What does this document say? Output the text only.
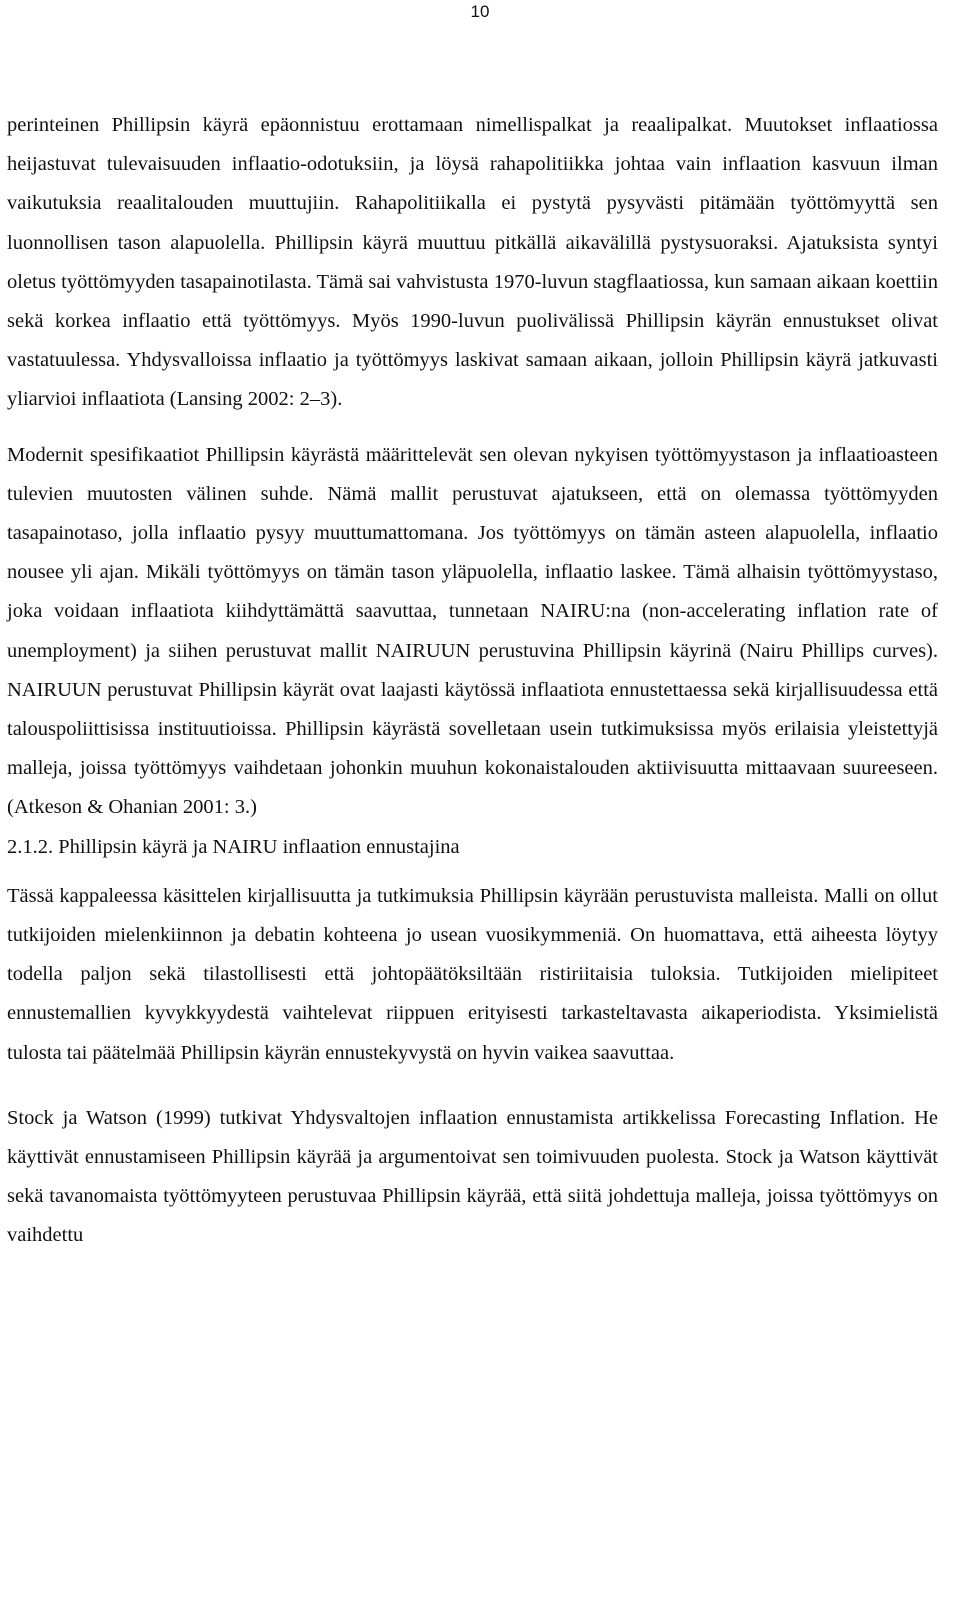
10

perinteinen Phillipsin käyrä epäonnistuu erottamaan nimellispalkat ja reaalipalkat. Muutokset inflaatiossa heijastuvat tulevaisuuden inflaatio-odotuksiin, ja löysä rahapolitiikka johtaa vain inflaation kasvuun ilman vaikutuksia reaalitalouden muuttujiin. Rahapolitiikalla ei pystytä pysyvästi pitämään työttömyyttä sen luonnollisen tason alapuolella. Phillipsin käyrä muuttuu pitkällä aikavälillä pystysuoraksi. Ajatuksista syntyi oletus työttömyyden tasapainotilasta. Tämä sai vahvistusta 1970-luvun stagflaatiossa, kun samaan aikaan koettiin sekä korkea inflaatio että työttömyys. Myös 1990-luvun puolivälissä Phillipsin käyrän ennustukset olivat vastatuulessa. Yhdysvalloissa inflaatio ja työttömyys laskivat samaan aikaan, jolloin Phillipsin käyrä jatkuvasti yliarvioi inflaatiota (Lansing 2002: 2‒3).

Modernit spesifikaatiot Phillipsin käyrästä määrittelevät sen olevan nykyisen työttömyystason ja inflaatioasteen tulevien muutosten välinen suhde. Nämä mallit perustuvat ajatukseen, että on olemassa työttömyyden tasapainotaso, jolla inflaatio pysyy muuttumattomana. Jos työttömyys on tämän asteen alapuolella, inflaatio nousee yli ajan. Mikäli työttömyys on tämän tason yläpuolella, inflaatio laskee. Tämä alhaisin työttömyystaso, joka voidaan inflaatiota kiihdyttämättä saavuttaa, tunnetaan NAIRU:na (non-accelerating inflation rate of unemployment) ja siihen perustuvat mallit NAIRUUN perustuvina Phillipsin käyrinä (Nairu Phillips curves). NAIRUUN perustuvat Phillipsin käyrät ovat laajasti käytössä inflaatiota ennustettaessa sekä kirjallisuudessa että talouspoliittisissa instituutioissa. Phillipsin käyrästä sovelletaan usein tutkimuksissa myös erilaisia yleistettyjä malleja, joissa työttömyys vaihdetaan johonkin muuhun kokonaistalouden aktiivisuutta mittaavaan suureeseen. (Atkeson & Ohanian 2001: 3.)

2.1.2. Phillipsin käyrä ja NAIRU inflaation ennustajina

Tässä kappaleessa käsittelen kirjallisuutta ja tutkimuksia Phillipsin käyrään perustuvista malleista. Malli on ollut tutkijoiden mielenkiinnon ja debatin kohteena jo usean vuosikymmeniä. On huomattava, että aiheesta löytyy todella paljon sekä tilastollisesti että johtopäätöksiltään ristiriitaisia tuloksia. Tutkijoiden mielipiteet ennustemallien kyvykkyydestä vaihtelevat riippuen erityisesti tarkasteltavasta aikaperiodista. Yksimielistä tulosta tai päätelmää Phillipsin käyrän ennustekyvystä on hyvin vaikea saavuttaa.

Stock ja Watson (1999) tutkivat Yhdysvaltojen inflaation ennustamista artikkelissa Forecasting Inflation. He käyttivät ennustamiseen Phillipsin käyrää ja argumentoivat sen toimivuuden puolesta. Stock ja Watson käyttivät sekä tavanomaista työttömyyteen perustuvaa Phillipsin käyrää, että siitä johdettuja malleja, joissa työttömyys on vaihdettu
